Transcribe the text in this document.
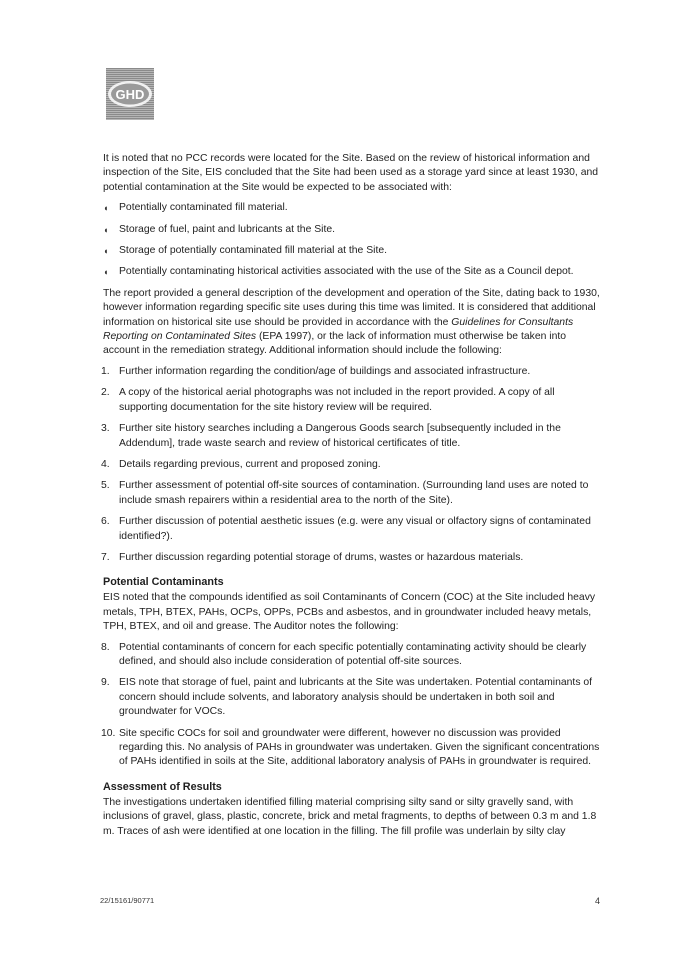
GHD

It is noted that no PCC records were located for the Site. Based on the review of historical information and inspection of the Site, EIS concluded that the Site had been used as a storage yard since at least 1930, and potential contamination at the Site would be expected to be associated with:

◖ Potentially contaminated fill material.
◖ Storage of fuel, paint and lubricants at the Site.
◖ Storage of potentially contaminated fill material at the Site.
◖ Potentially contaminating historical activities associated with the use of the Site as a Council depot.

The report provided a general description of the development and operation of the Site, dating back to 1930, however information regarding specific site uses during this time was limited. It is considered that additional information on historical site use should be provided in accordance with the Guidelines for Consultants Reporting on Contaminated Sites (EPA 1997), or the lack of information must otherwise be taken into account in the remediation strategy. Additional information should include the following:

1. Further information regarding the condition/age of buildings and associated infrastructure.
2. A copy of the historical aerial photographs was not included in the report provided. A copy of all supporting documentation for the site history review will be required.
3. Further site history searches including a Dangerous Goods search [subsequently included in the Addendum], trade waste search and review of historical certificates of title.
4. Details regarding previous, current and proposed zoning.
5. Further assessment of potential off-site sources of contamination. (Surrounding land uses are noted to include smash repairers within a residential area to the north of the Site).
6. Further discussion of potential aesthetic issues (e.g. were any visual or olfactory signs of contaminated identified?).
7. Further discussion regarding potential storage of drums, wastes or hazardous materials.
Potential Contaminants

EIS noted that the compounds identified as soil Contaminants of Concern (COC) at the Site included heavy metals, TPH, BTEX, PAHs, OCPs, OPPs, PCBs and asbestos, and in groundwater included heavy metals, TPH, BTEX, and oil and grease. The Auditor notes the following:

8. Potential contaminants of concern for each specific potentially contaminating activity should be clearly defined, and should also include consideration of potential off-site sources.
9. EIS note that storage of fuel, paint and lubricants at the Site was undertaken. Potential contaminants of concern should include solvents, and laboratory analysis should be undertaken in both soil and groundwater for VOCs.
10. Site specific COCs for soil and groundwater were different, however no discussion was provided regarding this. No analysis of PAHs in groundwater was undertaken. Given the significant concentrations of PAHs identified in soils at the Site, additional laboratory analysis of PAHs in groundwater is required.
Assessment of Results

The investigations undertaken identified filling material comprising silty sand or silty gravelly sand, with inclusions of gravel, glass, plastic, concrete, brick and metal fragments, to depths of between 0.3 m and 1.8 m. Traces of ash were identified at one location in the filling. The fill profile was underlain by silty clay

22/15161/90771	4
